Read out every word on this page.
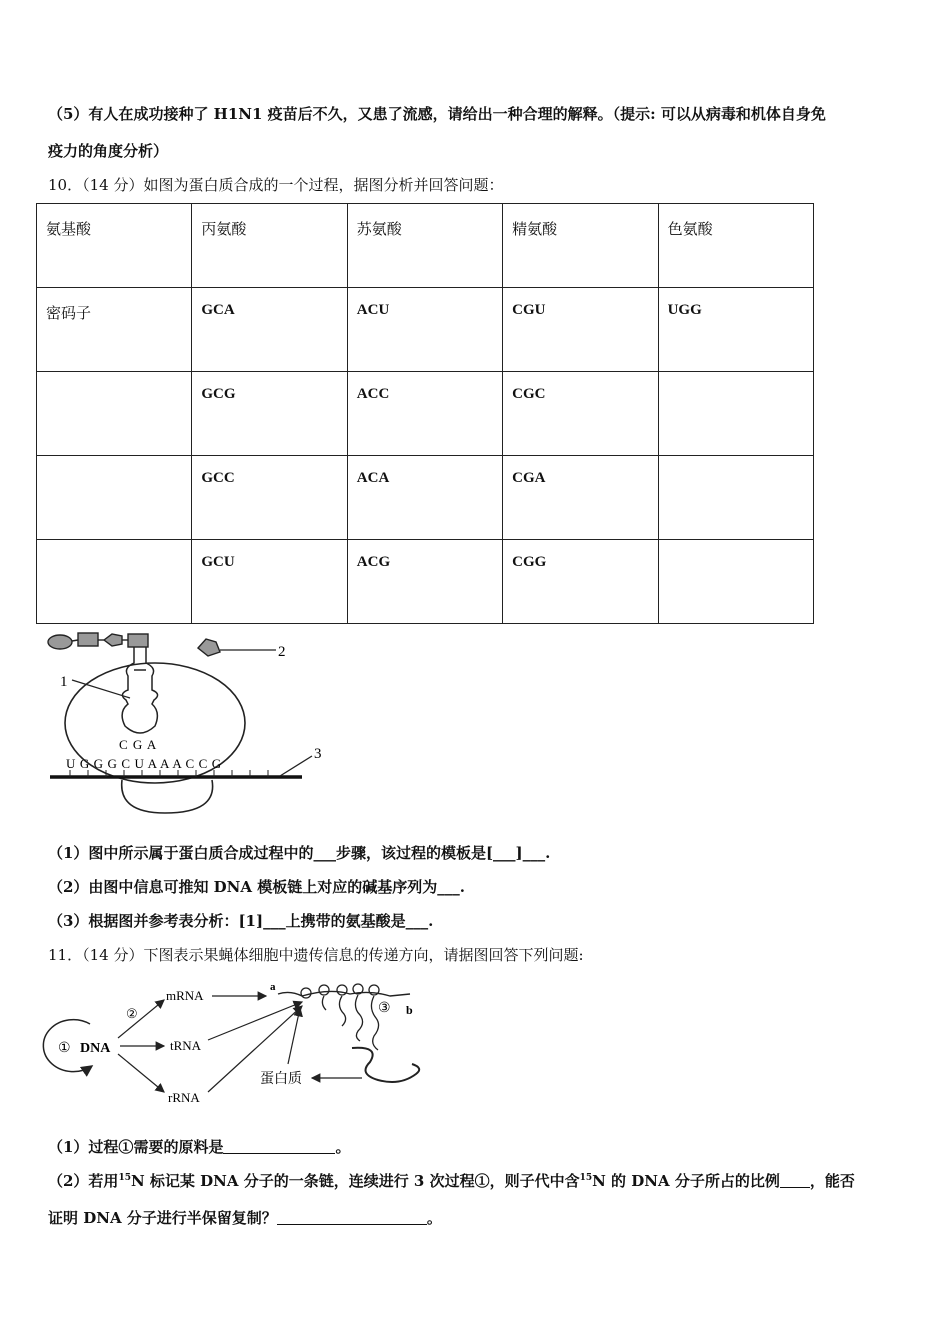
（5）有人在成功接种了 H1N1 疫苗后不久，又患了流感，请给出一种合理的解释。（提示: 可以从病毒和机体自身免
疫力的角度分析）
10．（14 分）如图为蛋白质合成的一个过程，据图分析并回答问题：
氨基酸	丙氨酸	苏氨酸	精氨酸	色氨酸
密码子	GCA	ACU	CGU	UGG
	GCG	ACC	CGC	
	GCC	ACA	CGA	
	GCU	ACG	CGG	
2
1
C G A
U G G G C U A A A C C G
3
（1）图中所示属于蛋白质合成过程中的___步骤，该过程的模板是[___]___.
（2）由图中信息可推知 DNA 模板链上对应的碱基序列为___.
（3）根据图并参考表分析：[1]___上携带的氨基酸是___.
11．（14 分）下图表示果蝇体细胞中遗传信息的传递方向，请据图回答下列问题:
① DNA
②
mRNA
tRNA
rRNA
a
③ b
蛋白质
（1）过程①需要的原料是	。
（2）若用$^{15}$N 标记某 DNA 分子的一条链，连续进行 3 次过程①，则子代中含$^{15}$N 的 DNA 分子所占的比例 ，能否
证明 DNA 分子进行半保留复制？	。
